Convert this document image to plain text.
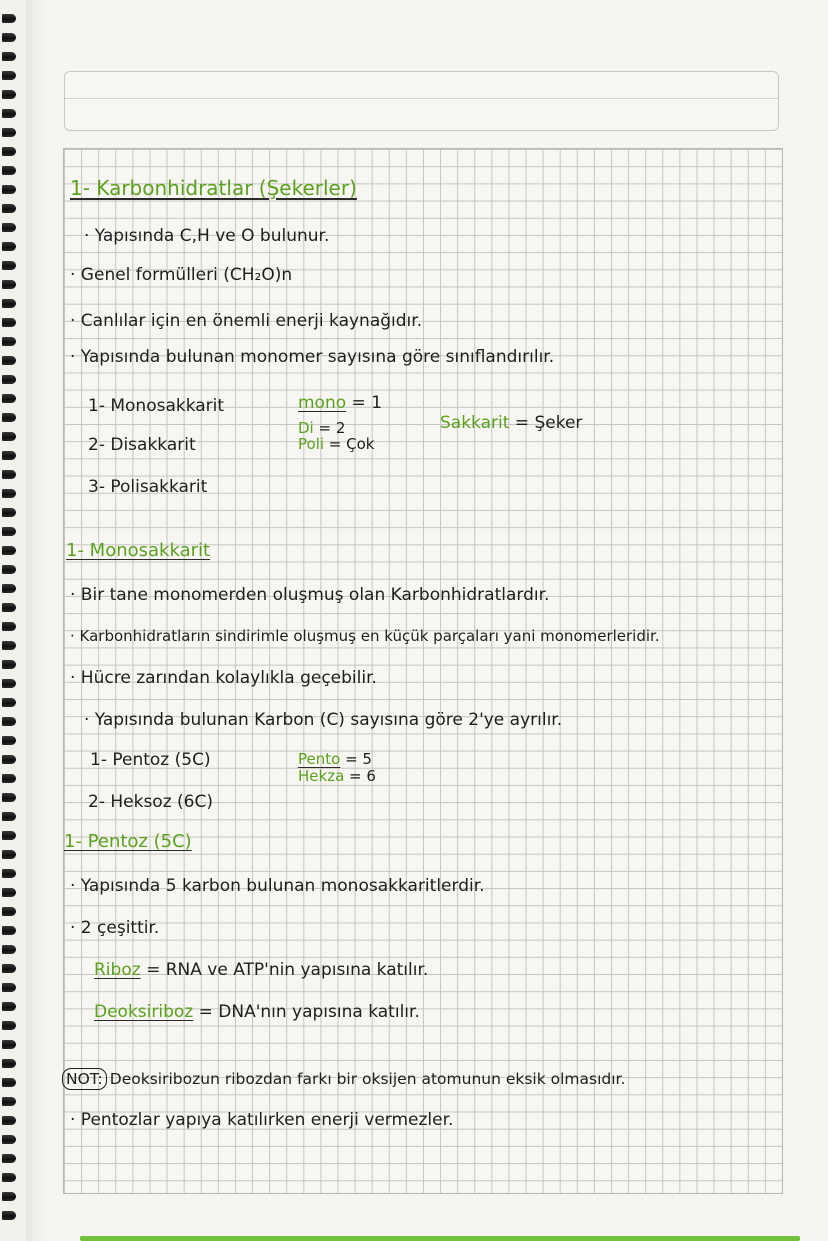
1- Karbonhidratlar (Şekerler)
· Yapısında C,H ve O bulunur.
· Genel formülleri (CH₂O)n
· Canlılar için en önemli enerji kaynağıdır.
· Yapısında bulunan monomer sayısına göre sınıflandırılır.
1- Monosakkarit
2- Disakkarit
3- Polisakkarit
mono = 1
Di = 2
Poli = Çok
Sakkarit = Şeker
1- Monosakkarit
· Bir tane monomerden oluşmuş olan Karbonhidratlardır.
· Karbonhidratların sindirimle oluşmuş en küçük parçaları yani monomerleridir.
· Hücre zarından kolaylıkla geçebilir.
· Yapısında bulunan Karbon (C) sayısına göre 2'ye ayrılır.
1- Pentoz (5C)
2- Heksoz (6C)
Pento = 5
Hekza = 6
1- Pentoz (5C)
· Yapısında 5 karbon bulunan monosakkaritlerdir.
· 2 çeşittir.
Riboz = RNA ve ATP'nin yapısına katılır.
Deoksiriboz = DNA'nın yapısına katılır.
NOT: Deoksiribozun ribozdan farkı bir oksijen atomunun eksik olmasıdır.
· Pentozlar yapıya katılırken enerji vermezler.
